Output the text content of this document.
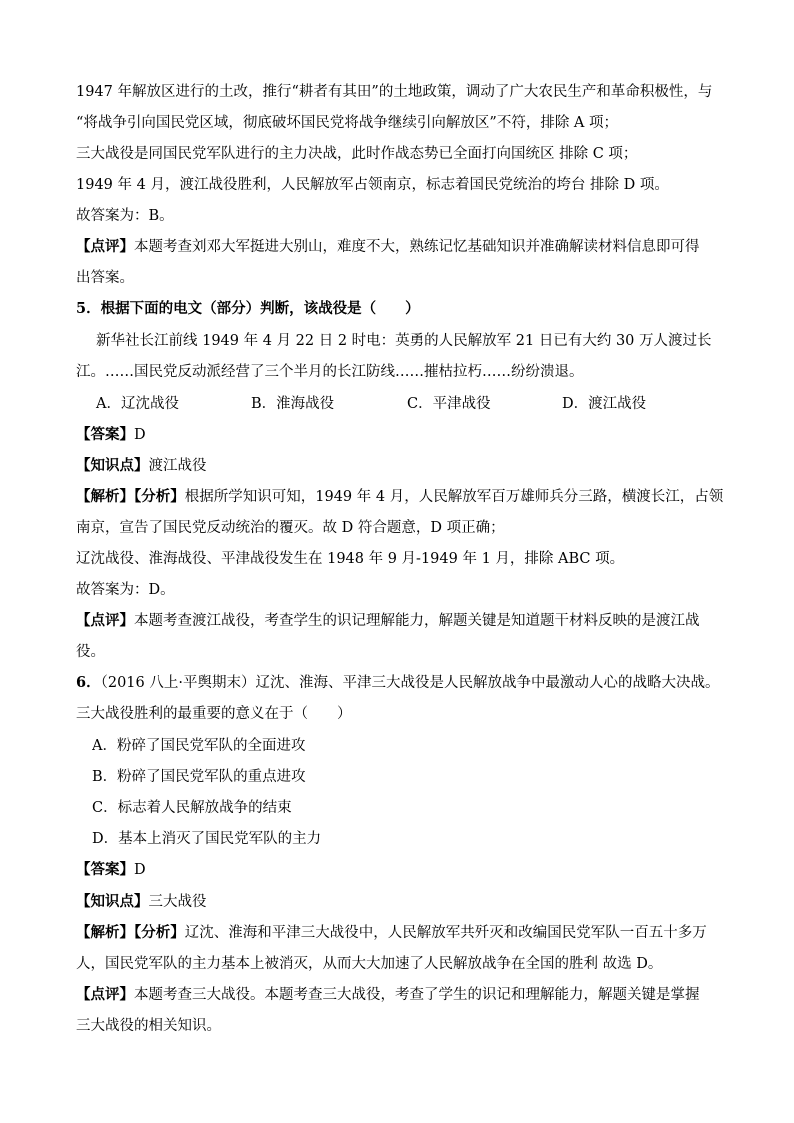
1947 年解放区进行的土改，推行“耕者有其田”的土地政策，调动了广大农民生产和革命积极性，与
“将战争引向国民党区域，彻底破坏国民党将战争继续引向解放区”不符，排除 A 项；
三大战役是同国民党军队进行的主力决战，此时作战态势已全面打向国统区 排除 C 项；
1949 年 4 月，渡江战役胜利，人民解放军占领南京，标志着国民党统治的垮台 排除 D 项。
故答案为：B。
【点评】本题考查刘邓大军挺进大别山，难度不大，熟练记忆基础知识并准确解读材料信息即可得
出答案。
5．根据下面的电文（部分）判断，该战役是（　　）
新华社长江前线 1949 年 4 月 22 日 2 时电：英勇的人民解放军 21 日已有大约 30 万人渡过长
江。……国民党反动派经营了三个半月的长江防线……摧枯拉朽……纷纷溃退。
A．辽沈战役	B．淮海战役	C．平津战役	D．渡江战役
【答案】D
【知识点】渡江战役
【解析】【分析】根据所学知识可知，1949 年 4 月，人民解放军百万雄师兵分三路，横渡长江，占领
南京，宣告了国民党反动统治的覆灭。故 D 符合题意，D 项正确；
辽沈战役、淮海战役、平津战役发生在 1948 年 9 月-1949 年 1 月，排除 ABC 项。
故答案为：D。
【点评】本题考查渡江战役，考查学生的识记理解能力，解题关键是知道题干材料反映的是渡江战
役。
6．（2016 八上·平舆期末）辽沈、淮海、平津三大战役是人民解放战争中最激动人心的战略大决战。
三大战役胜利的最重要的意义在于（　　）
A．粉碎了国民党军队的全面进攻
B．粉碎了国民党军队的重点进攻
C．标志着人民解放战争的结束
D．基本上消灭了国民党军队的主力
【答案】D
【知识点】三大战役
【解析】【分析】辽沈、淮海和平津三大战役中，人民解放军共歼灭和改编国民党军队一百五十多万
人，国民党军队的主力基本上被消灭，从而大大加速了人民解放战争在全国的胜利 故选 D。
【点评】本题考查三大战役。本题考查三大战役，考查了学生的识记和理解能力，解题关键是掌握
三大战役的相关知识。
